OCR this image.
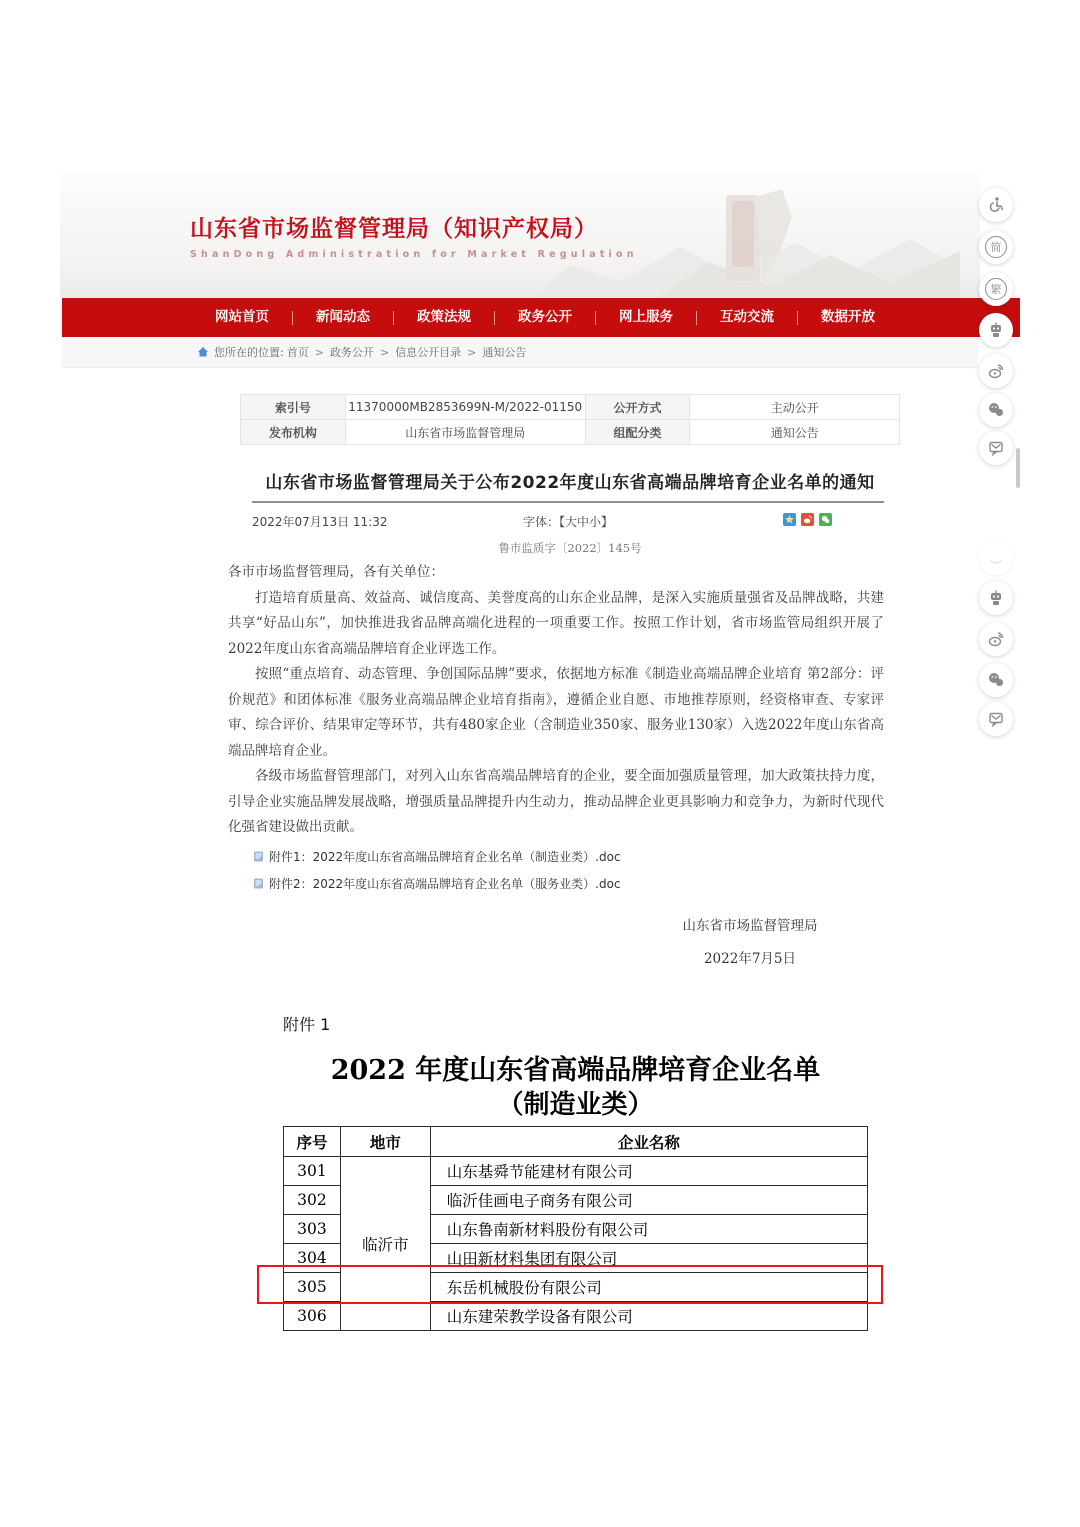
山东省市场监督管理局（知识产权局）
ShanDong Administration for Market Regulation
网站首页	新闻动态	政策法规	政务公开	网上服务	互动交流	数据开放
您所在的位置: 首页 > 政务公开 > 信息公开目录 > 通知公告
索引号	11370000MB2853699N-M/2022-01150	公开方式	主动公开
发布机构	山东省市场监督管理局	组配分类	通知公告
山东省市场监督管理局关于公布2022年度山东省高端品牌培育企业名单的通知
2022年07月13日 11:32	字体：【大中小】
鲁市监质字〔2022〕145号

各市市场监督管理局，各有关单位：

打造培育质量高、效益高、诚信度高、美誉度高的山东企业品牌，是深入实施质量强省及品牌战略，共建共享“好品山东”，加快推进我省品牌高端化进程的一项重要工作。按照工作计划，省市场监管局组织开展了2022年度山东省高端品牌培育企业评选工作。

按照“重点培育、动态管理、争创国际品牌”要求，依据地方标准《制造业高端品牌企业培育 第2部分：评价规范》和团体标准《服务业高端品牌企业培育指南》，遵循企业自愿、市地推荐原则，经资格审查、专家评审、综合评价、结果审定等环节，共有480家企业（含制造业350家、服务业130家）入选2022年度山东省高端品牌培育企业。

各级市场监督管理部门，对列入山东省高端品牌培育的企业，要全面加强质量管理，加大政策扶持力度，引导企业实施品牌发展战略，增强质量品牌提升内生动力，推动品牌企业更具影响力和竞争力，为新时代现代化强省建设做出贡献。

附件1：2022年度山东省高端品牌培育企业名单（制造业类）.doc
附件2：2022年度山东省高端品牌培育企业名单（服务业类）.doc
山东省市场监督管理局
2022年7月5日
附件 1
2022 年度山东省高端品牌培育企业名单
（制造业类）
序号	地市	企业名称
301	临沂市	山东基舜节能建材有限公司
302		临沂佳画电子商务有限公司
303		山东鲁南新材料股份有限公司
304		山田新材料集团有限公司
305		东岳机械股份有限公司
306		山东建荣教学设备有限公司
简
繁
